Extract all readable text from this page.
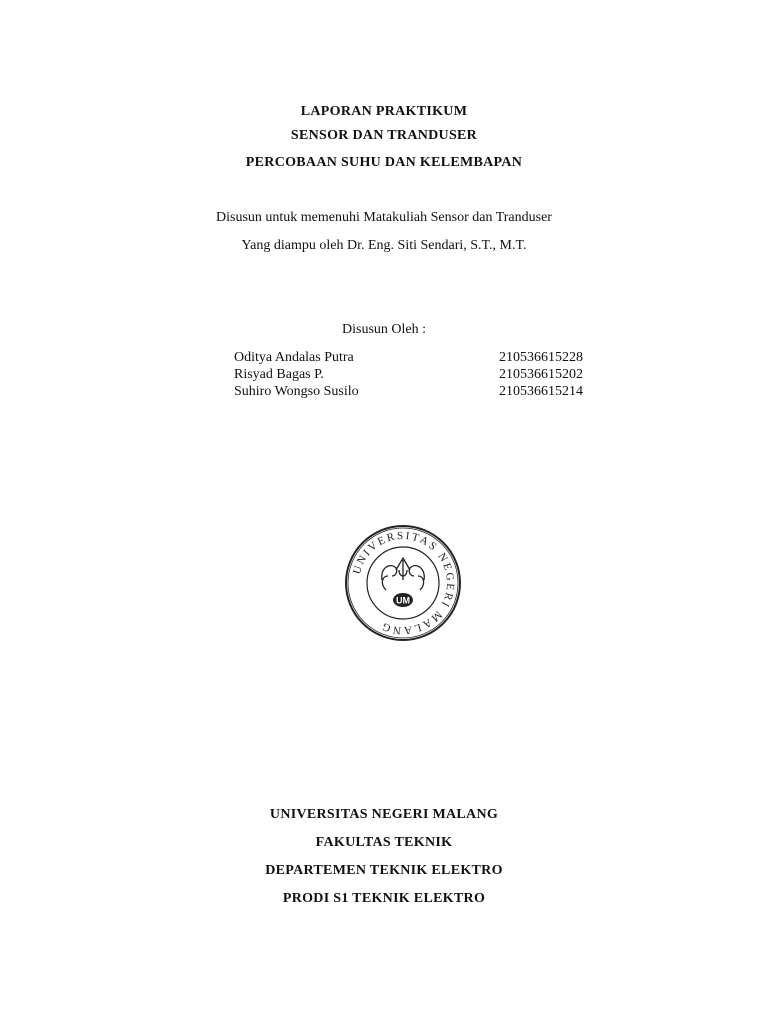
LAPORAN PRAKTIKUM
SENSOR DAN TRANDUSER
PERCOBAAN SUHU DAN KELEMBAPAN
Disusun untuk memenuhi Matakuliah Sensor dan Tranduser
Yang diampu oleh Dr. Eng. Siti Sendari, S.T., M.T.
Disusun Oleh :
Oditya Andalas Putra	210536615228
Risyad Bagas P.	210536615202
Suhiro Wongso Susilo	210536615214
UNIVERSITAS NEGERI MALANG
UM
UNIVERSITAS NEGERI MALANG
FAKULTAS TEKNIK
DEPARTEMEN TEKNIK ELEKTRO
PRODI S1 TEKNIK ELEKTRO
